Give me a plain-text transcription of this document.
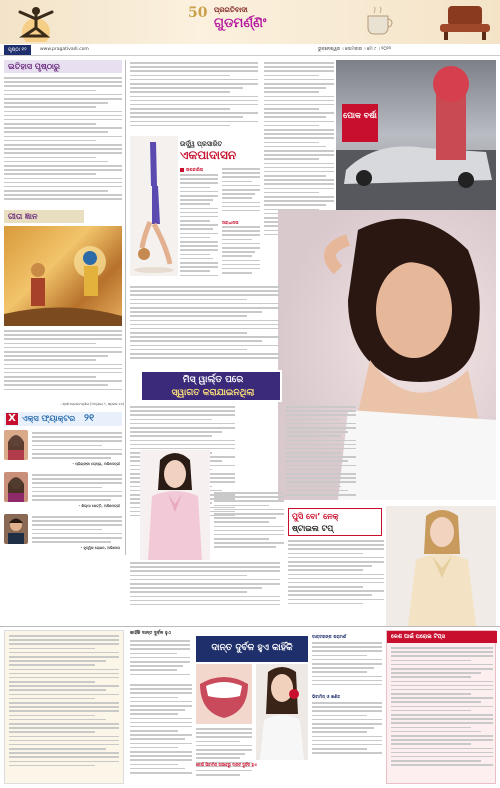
50 ପ୍ରଗତିବାଦୀ
ଗୁଡମର୍ଣ୍ଣିଂ
ପୃଷ୍ଠା ୧୨	www.pragativadi.com	ଭୁବନେଶ୍ୱର । ସୋମବାର । ମେ ୯ । ୨୦୨୨
ଇତିହାସ ପୃଷ୍ଠାରୁ
ଗୀତା ଜ୍ଞାନ
- ଶ୍ରୀମଦ୍‌ଭଗବଦ୍‌ଗୀତା (ଅଧ୍ୟାୟ ୨, ଶ୍ଳୋକ ୪୭)
X ଏକ୍ସ ଫ୍ୟାକ୍ଟର ୨୧
- ପ୍ରିୟଙ୍କା ଚୋପ୍ରା, ଅଭିନେତ୍ରୀ
- ଶିଲ୍ପା ଶେଟ୍ଟି, ଅଭିନେତ୍ରୀ
- ହୃତ୍ୱିକ ରୋଶନ, ଅଭିନେତା
ଉର୍ଦ୍ଧ୍ୱ ପ୍ରସାରିତ
ଏକପାଦାସନ
ସାବଧାନତା
ଉପକାରିତା
ପୋକ ବର୍ଷା
ମିସ୍‌ ୱାର୍ଲ୍ଡ ପରେ
ସ୍ୱାଗତ କରାଯାଇନଥିଲା
ପୁସି ବୋ’ ନେକ୍
ଷ୍ଟାଇଲ ଟପ୍
କାହିଁକି ଦାନ୍ତ ଦୁର୍ବଳ ହୁଏ
ଦାନ୍ତ ଦୁର୍ବଳ ହୁଏ କାହିଁକି
ଡାକ୍ତରଙ୍କ ପରାମର୍ଶ
ଭିଟାମିନ୍‌ ଓ ଖଣିଜ
କେଉଁ ଭିଟାମିନ୍‌ ଅଭାବରୁ ଦାନ୍ତ ଦୁର୍ବଳ ହୁଏ
କେଶ ପାଇଁ ଘରୋଇ ଟିପ୍‌ସ
